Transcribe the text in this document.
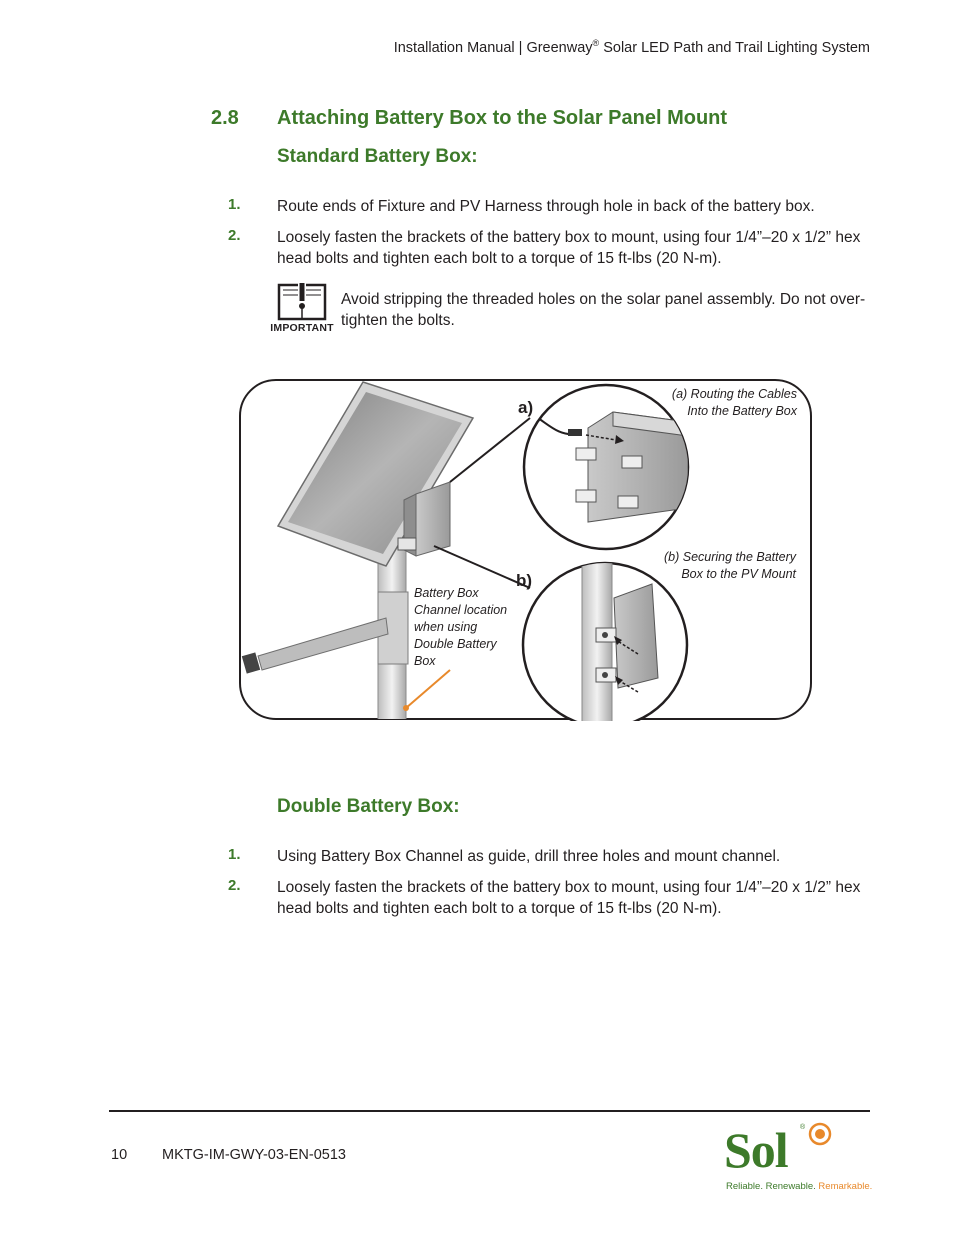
Installation Manual | Greenway® Solar LED Path and Trail Lighting System
2.8 Attaching Battery Box to the Solar Panel Mount
Standard Battery Box:
1. Route ends of Fixture and PV Harness through hole in back of the battery box.
2. Loosely fasten the brackets of the battery box to mount, using four 1/4”–20 x 1/2” hex head bolts and tighten each bolt to a torque of 15 ft-lbs (20 N-m).
IMPORTANT
Avoid stripping the threaded holes on the solar panel assembly. Do not over-tighten the bolts.
a)
b)
(a) Routing the Cables
Into the Battery Box
(b) Securing the Battery
Box to the PV Mount
Battery Box
Channel location
when using
Double Battery
Box
Double Battery Box:
1. Using Battery Box Channel as guide, drill three holes and mount channel.
2. Loosely fasten the brackets of the battery box to mount, using four 1/4”–20 x 1/2” hex head bolts and tighten each bolt to a torque of 15 ft-lbs (20 N-m).
10 MKTG-IM-GWY-03-EN-0513	Sol ®
Reliable. Renewable. Remarkable.
